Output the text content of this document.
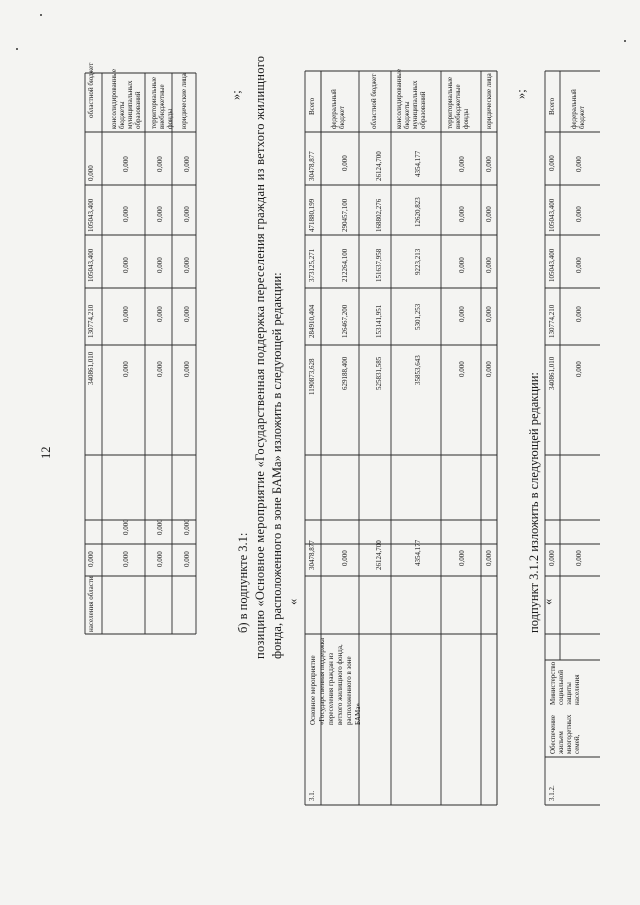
населения области
областной бюджет консолидированные бюджеты муниципальных образований территориальные внебюджетные фонды юридические лица
340861,010
130774,210
105043,400
105043,400
0,000
0,000
0,000
0,000
0,000
0,000
0,000
0,000
0,000
0,000
0,000
0,000
0,000
0,000
0,000
0,000
0,000
0,000
0,000
0,000
0,000
0,000
0,000
»;
12
б) в подпункте 3.1: позицию «Основное мероприятие «Государственная поддержка переселения граждан из ветхого жилищного фонда, расположенного в зоне БАМа» изложить в следующей редакции: «
3.1.
Всего федеральный бюджет	областной бюджет консолидированные бюджеты муниципальных образований	территориальные внебюджетные фонды юридические лица
1190873,628
284910,404
373125,271
471880,199
30478,877
30478,877
629188,400
126467,200
212264,100
290457,100
0,000
0,000
525831,585
153141,951
151637,958
168802,276
26124,700
26124,700
35853,643
5301,253
9223,213
12620,823
4354,177
4354,177
0,000
0,000
0,000
0,000
0,000
0,000
0,000
0,000
0,000
0,000
0,000
0,000
Основное мероприятие «Государственная поддержка переселения граждан из ветхого жилищного фонда, расположенного в зоне БАМа»
»;
подпункт 3.1.2 изложить в следующей редакции: «
3.1.2.
Обеспечение жильем многодетных семей,
Министерство социальной защиты населения
Всего федеральный бюджет
340861,010
130774,210
105043,400
105043,400
0,000
0,000
0,000
0,000
0,000
0,000
0,000
0,000
